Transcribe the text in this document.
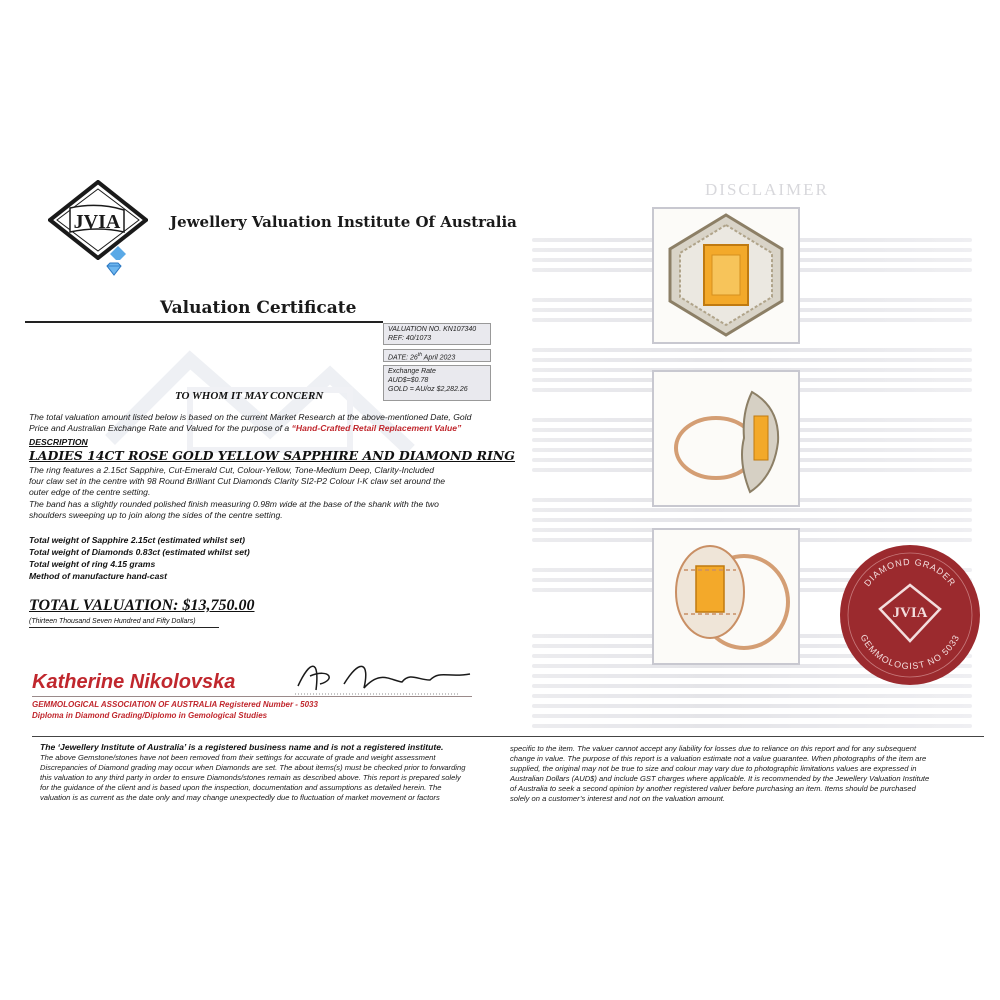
DISCLAIMER
JVIA	Jewellery Valuation Institute Of Australia
Valuation Certificate
VALUATION NO. KN107340
REF: 40/1073
DATE: 26th April 2023
Exchange Rate
AUD$=$0.78
GOLD = AU/oz $2,282.26
TO WHOM IT MAY CONCERN
The total valuation amount listed below is based on the current Market Research at the above-mentioned Date, Gold
Price and Australian Exchange Rate and Valued for the purpose of a “Hand-Crafted Retail Replacement Value”
DESCRIPTION
LADIES 14CT ROSE GOLD YELLOW SAPPHIRE AND DIAMOND RING
The ring features a 2.15ct Sapphire, Cut-Emerald Cut, Colour-Yellow, Tone-Medium Deep, Clarity-Included
four claw set in the centre with 98 Round Brilliant Cut Diamonds Clarity SI2-P2 Colour I-K claw set around the
outer edge of the centre setting.
The band has a slightly rounded polished finish measuring 0.98m wide at the base of the shank with the two
shoulders sweeping up to join along the sides of the centre setting.
Total weight of Sapphire 2.15ct (estimated whilst set)
Total weight of Diamonds 0.83ct (estimated whilst set)
Total weight of ring 4.15 grams
Method of manufacture hand-cast
TOTAL VALUATION: $13,750.00
(Thirteen Thousand Seven Hundred and Fifty Dollars)
Katherine Nikolovska
GEMMOLOGICAL ASSOCIATION OF AUSTRALIA Registered Number - 5033
Diploma in Diamond Grading/Diplomo in Gemological Studies
DIAMOND GRADER
GEMMOLOGIST NO 5033
JVIA
The ‘Jewellery Institute of Australia’ is a registered business name and is not a registered institute.
The above Gemstone/stones have not been removed from their settings for accurate of grade and weight assessment
Discrepancies of Diamond grading may occur when Diamonds are set. The about items(s) must be checked prior to forwarding
this valuation to any third party in order to ensure Diamonds/stones remain as described above. This report is prepared solely
for the guidance of the client and is based upon the inspection, documentation and assumptions as detailed herein. The
valuation is as current as the date only and may change unexpectedly due to fluctuation of market movement or factors
specific to the item. The valuer cannot accept any liability for losses due to reliance on this report and for any subsequent
change in value. The purpose of this report is a valuation estimate not a value guarantee. When photographs of the item are
supplied, the original may not be true to size and colour may vary due to photographic limitations values are expressed in
Australian Dollars (AUD$) and include GST charges where applicable. It is recommended by the Jewellery Valuation Institute
of Australia to seek a second opinion by another registered valuer before purchasing an item. Items should be purchased
solely on a customer’s interest and not on the valuation amount.
